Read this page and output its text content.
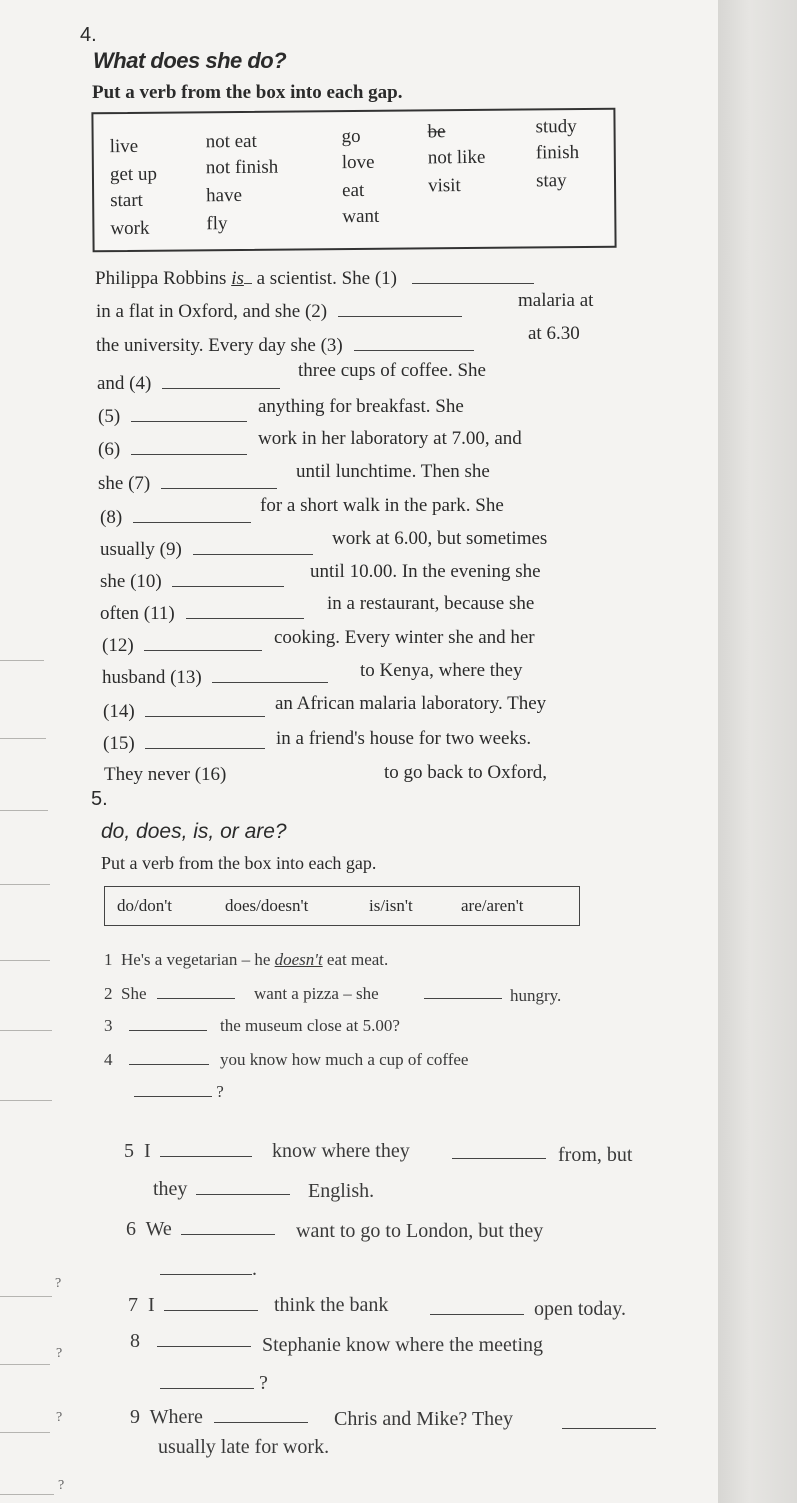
4.
What does she do?
Put a verb from the box into each gap.
live
get up
start
work
not eat
not finish
have
fly
go
love
eat
want
be
not like
visit
study
finish
stay
Philippa Robbins is a scientist. She (1)
in a flat in Oxford, and she (2)
malaria at
the university. Every day she (3)
at 6.30
and (4)
three cups of coffee. She
(5)	anything for breakfast. She
(6)
work in her laboratory at 7.00, and
she (7)
until lunchtime. Then she
(8)
for a short walk in the park. She
usually (9)
work at 6.00, but sometimes
she (10)	until 10.00. In the evening she
often (11)	in a restaurant, because she
(12)	cooking. Every winter she and her
husband (13)	to Kenya, where they
(14)	an African malaria laboratory. They
(15)	in a friend's house for two weeks.
They never (16)	to go back to Oxford,
5.
do, does, is, or are?
Put a verb from the box into each gap.
do/don't	does/doesn't	is/isn't	are/aren't
1 He's a vegetarian – he doesn't eat meat.
2 She	want a pizza – she	hungry.
3	the museum close at 5.00?
4	you know how much a cup of coffee
?
5 I	know where they	from, but
they	English.
6 We	want to go to London, but they
.
7 I	think the bank	open today.
8	Stephanie know where the meeting
?
9 Where	Chris and Mike? They
usually late for work.
?
?
?
?
